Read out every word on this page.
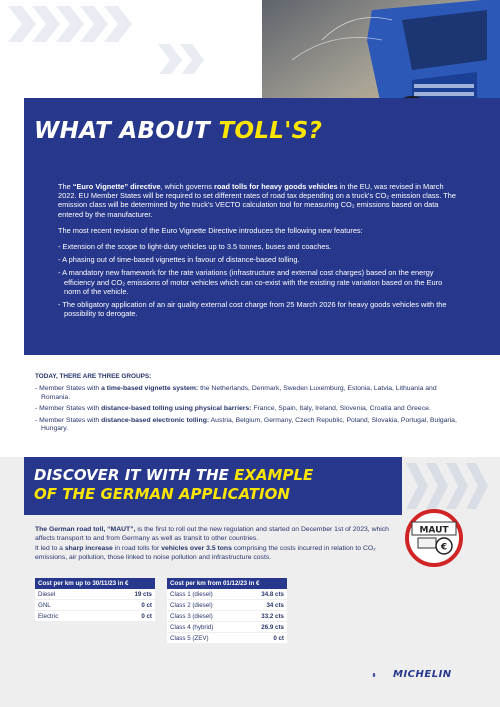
WHAT ABOUT TOLL'S?

The “Euro Vignette” directive, which governs road tolls for heavy goods vehicles in the EU, was revised in March 2022. EU Member States will be required to set different rates of road tax depending on a truck's CO₂ emission class. The emission class will be determined by the truck's VECTO calculation tool for measuring CO₂ emissions based on data entered by the manufacturer.

The most recent revision of the Euro Vignette Directive introduces the following new features:

- Extension of the scope to light-duty vehicles up to 3.5 tonnes, buses and coaches.
- A phasing out of time-based vignettes in favour of distance-based tolling.
- A mandatory new framework for the rate variations (infrastructure and external cost charges) based on the energy efficiency and CO₂ emissions of motor vehicles which can co-exist with the existing rate variation based on the Euro norm of the vehicle.
- The obligatory application of an air quality external cost charge from 25 March 2026 for heavy goods vehicles with the possibility to derogate.
TODAY, THERE ARE THREE GROUPS:
- Member States with a time-based vignette system: the Netherlands, Denmark, Sweden Luxemburg, Estonia, Latvia, Lithuania and Romania.
- Member States with distance-based tolling using physical barriers: France, Spain, Italy, Ireland, Slovenia, Croatia and Greece.
- Member States with distance-based electronic tolling: Austria, Belgium, Germany, Czech Republic, Poland, Slovakia, Portugal, Bulgaria, Hungary.
DISCOVER IT WITH THE EXAMPLE
OF THE GERMAN APPLICATION
MAUT
€

The German road toll, “MAUT”, is the first to roll out the new regulation and started on December 1st of 2023, which affects transport to and from Germany as well as transit to other countries.

It led to a sharp increase in road tolls for vehicles over 3.5 tons comprising the costs incurred in relation to CO₂ emissions, air pollution, those linked to noise pollution and infrastructure costs.

Cost per km up to 30/11/23 in €	
Diesel	19 cts
GNL	0 ct
Electric	0 ct
Cost per km from 01/12/23 in €	
Class 1 (diesel)	34.8 cts
Class 2 (diesel)	34 cts
Class 3 (diesel)	33.2 cts
Class 4 (hybrid)	26.9 cts
Class 5 (ZEV)	0 ct
MICHELIN
